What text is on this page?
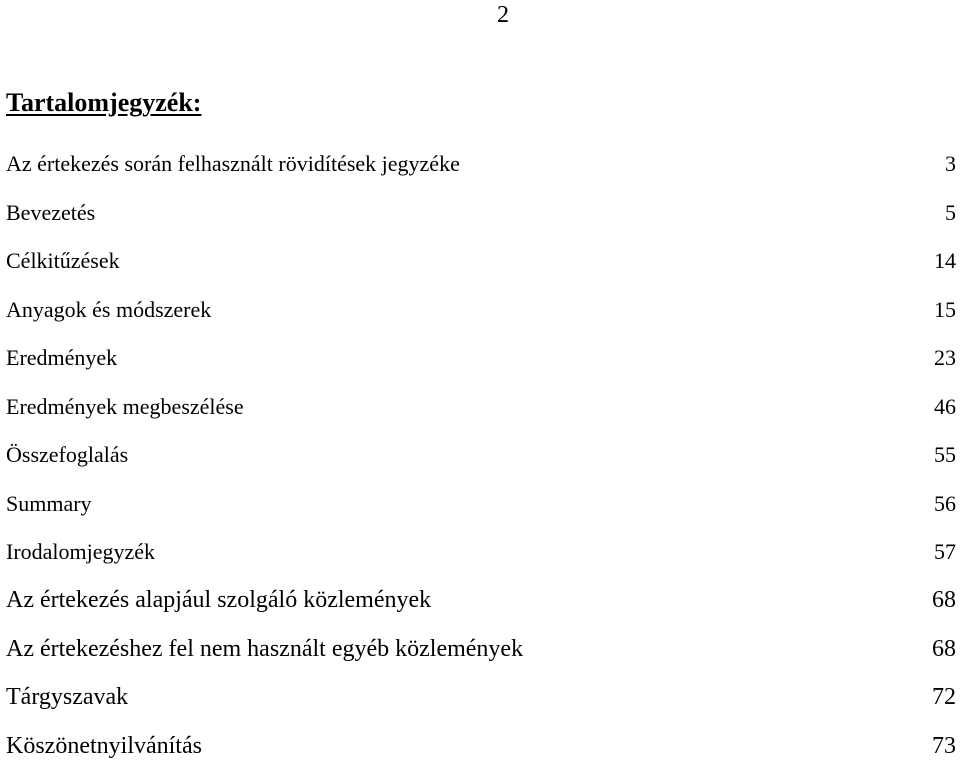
2
Tartalomjegyzék:
Az értekezés során felhasznált rövidítések jegyzéke	3
Bevezetés	5
Célkitűzések	14
Anyagok és módszerek	15
Eredmények	23
Eredmények megbeszélése	46
Összefoglalás	55
Summary	56
Irodalomjegyzék	57
Az értekezés alapjául szolgáló közlemények	68
Az értekezéshez fel nem használt egyéb közlemények	68
Tárgyszavak	72
Köszönetnyilvánítás	73
